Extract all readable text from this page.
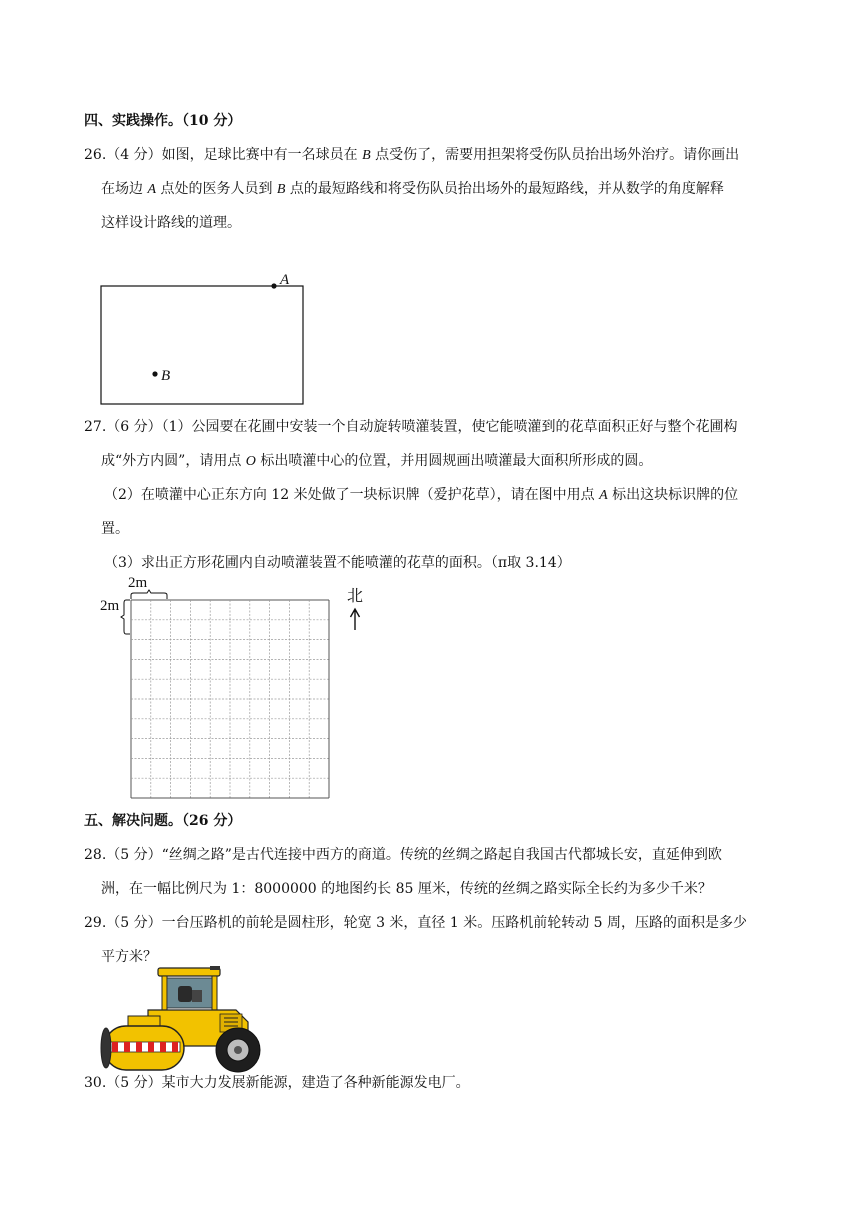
四、实践操作。（10 分）
26.（4 分）如图，足球比赛中有一名球员在 B 点受伤了，需要用担架将受伤队员抬出场外治疗。请你画出
在场边 A 点处的医务人员到 B 点的最短路线和将受伤队员抬出场外的最短路线，并从数学的角度解释
这样设计路线的道理。
A
B
27.（6 分）（1）公园要在花圃中安装一个自动旋转喷灌装置，使它能喷灌到的花草面积正好与整个花圃构
成“外方内圆”，请用点 O 标出喷灌中心的位置，并用圆规画出喷灌最大面积所形成的圆。
（2）在喷灌中心正东方向 12 米处做了一块标识牌（爱护花草），请在图中用点 A 标出这块标识牌的位
置。
（3）求出正方形花圃内自动喷灌装置不能喷灌的花草的面积。（π取 3.14）
2m
2m
北
五、解决问题。（26 分）
28.（5 分）“丝绸之路”是古代连接中西方的商道。传统的丝绸之路起自我国古代都城长安，直延伸到欧
洲，在一幅比例尺为 1：8000000 的地图约长 85 厘米，传统的丝绸之路实际全长约为多少千米？
29.（5 分）一台压路机的前轮是圆柱形，轮宽 3 米，直径 1 米。压路机前轮转动 5 周，压路的面积是多少
平方米？
30.（5 分）某市大力发展新能源，建造了各种新能源发电厂。
